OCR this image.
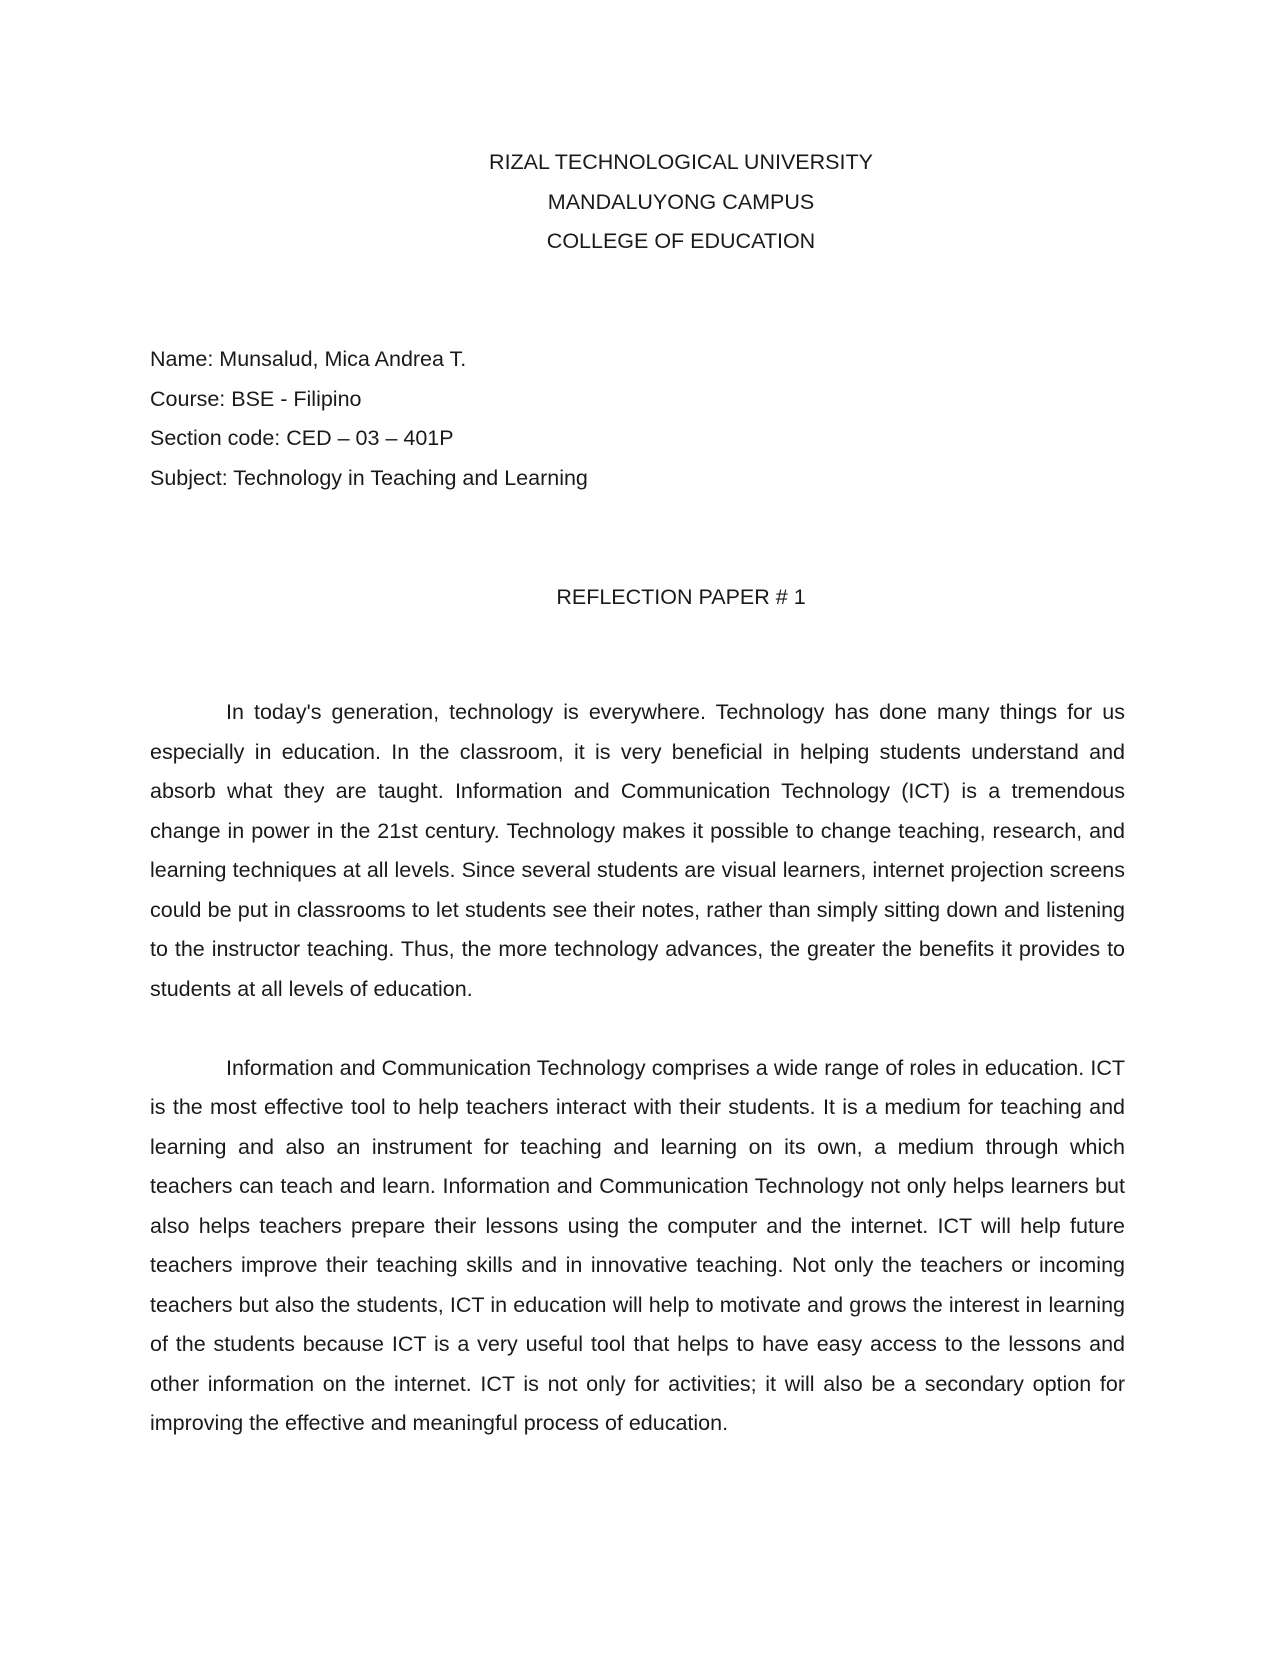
RIZAL TECHNOLOGICAL UNIVERSITY
MANDALUYONG CAMPUS
COLLEGE OF EDUCATION
Name: Munsalud, Mica Andrea T.
Course: BSE - Filipino
Section code: CED – 03 – 401P
Subject: Technology in Teaching and Learning
REFLECTION PAPER # 1

In today's generation, technology is everywhere. Technology has done many things for us especially in education. In the classroom, it is very beneficial in helping students understand and absorb what they are taught. Information and Communication Technology (ICT) is a tremendous change in power in the 21st century. Technology makes it possible to change teaching, research, and learning techniques at all levels. Since several students are visual learners, internet projection screens could be put in classrooms to let students see their notes, rather than simply sitting down and listening to the instructor teaching. Thus, the more technology advances, the greater the benefits it provides to students at all levels of education.

Information and Communication Technology comprises a wide range of roles in education. ICT is the most effective tool to help teachers interact with their students. It is a medium for teaching and learning and also an instrument for teaching and learning on its own, a medium through which teachers can teach and learn. Information and Communication Technology not only helps learners but also helps teachers prepare their lessons using the computer and the internet. ICT will help future teachers improve their teaching skills and in innovative teaching. Not only the teachers or incoming teachers but also the students, ICT in education will help to motivate and grows the interest in learning of the students because ICT is a very useful tool that helps to have easy access to the lessons and other information on the internet. ICT is not only for activities; it will also be a secondary option for improving the effective and meaningful process of education.
